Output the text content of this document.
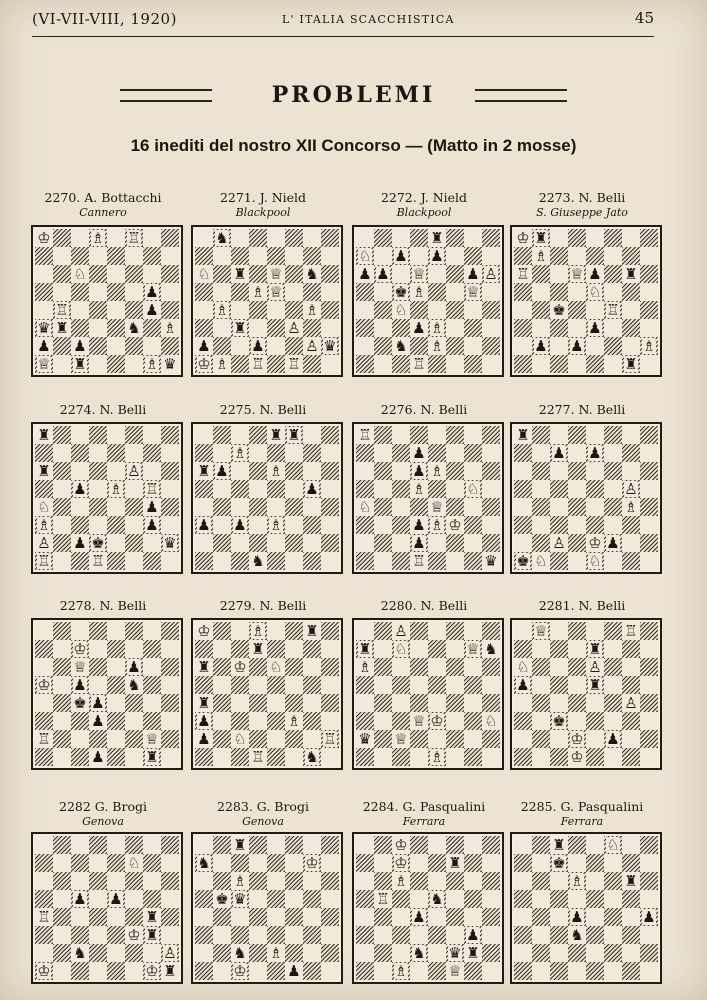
(VI-VII-VIII, 1920)	L' ITALIA SCACCHISTICA	45
PROBLEMI
16 inediti del nostro XII Concorso — (Matto in 2 mosse)
2270. A. Bottacchi
Cannero
♔	♗ ♖
♘
♟
♖	♟
♛ ♜	♞ ♗
♟ ♟
♕ ♜	♗ ♛
2271. J. Nield
Blackpool
♞
♘ ♜ ♕ ♞
♗ ♕
♗	♗
♜	♙
♟	♟	♙ ♛
♔ ♗ ♖ ♖
2272. J. Nield
Blackpool
♜
♘ ♟ ♟
♟ ♟ ♕	♟ ♙
♚ ♗	♕
♘
♟ ♗
♞ ♗
♖
2273. N. Belli
S. Giuseppe Jato
♔ ♜
♗
♖	♕ ♟ ♜
♘
♚	♖
♟
♟ ♟	♗
♜
2274. N. Belli
♜
♜	♙
♟ ♗ ♖
♘	♟
♗	♟
♙ ♟ ♚	♛
♖	♖
2275. N. Belli
♜ ♜
♗
♜ ♟	♗
♟
♟ ♟ ♗
♞
2276. N. Belli
♖
♟
♟ ♗
♗	♘
♘	♕
♟ ♗ ♔
♟
♖	♛
2277. N. Belli
♜
♟ ♟
♙
♗
♙ ♔ ♟
♚ ♘	♘
2278. N. Belli
♔
♕	♟
♔ ♟	♞
♚ ♟
♟
♖	♕
♟	♜
2279. N. Belli
♔	♗	♜
♜
♜ ♔ ♘
♜
♟	♗
♟ ♘	♖
♖	♞
2280. N. Belli
♙
♜ ♘	♕ ♞
♗
♕ ♔	♘
♛ ♕
♗
2281. N. Belli
♕	♖
♜
♘	♙
♟	♜
♙
♚
♔ ♟
♔
2282 G. Brogi
Genova
♘
♟ ♟
♖	♜
♔ ♜
♞	♙
♔	♔ ♜
2283. G. Brogi
Genova
♜
♞	♔
♗
♚ ♛
♞ ♗
♔	♟
2284. G. Pasqualini
Ferrara
♔
♔	♜
♗
♖	♞
♟
♟
♞ ♛ ♜
♗	♕
2285. G. Pasqualini
Ferrara
♜	♘
♚
♗	♜
♟	♟
♞
